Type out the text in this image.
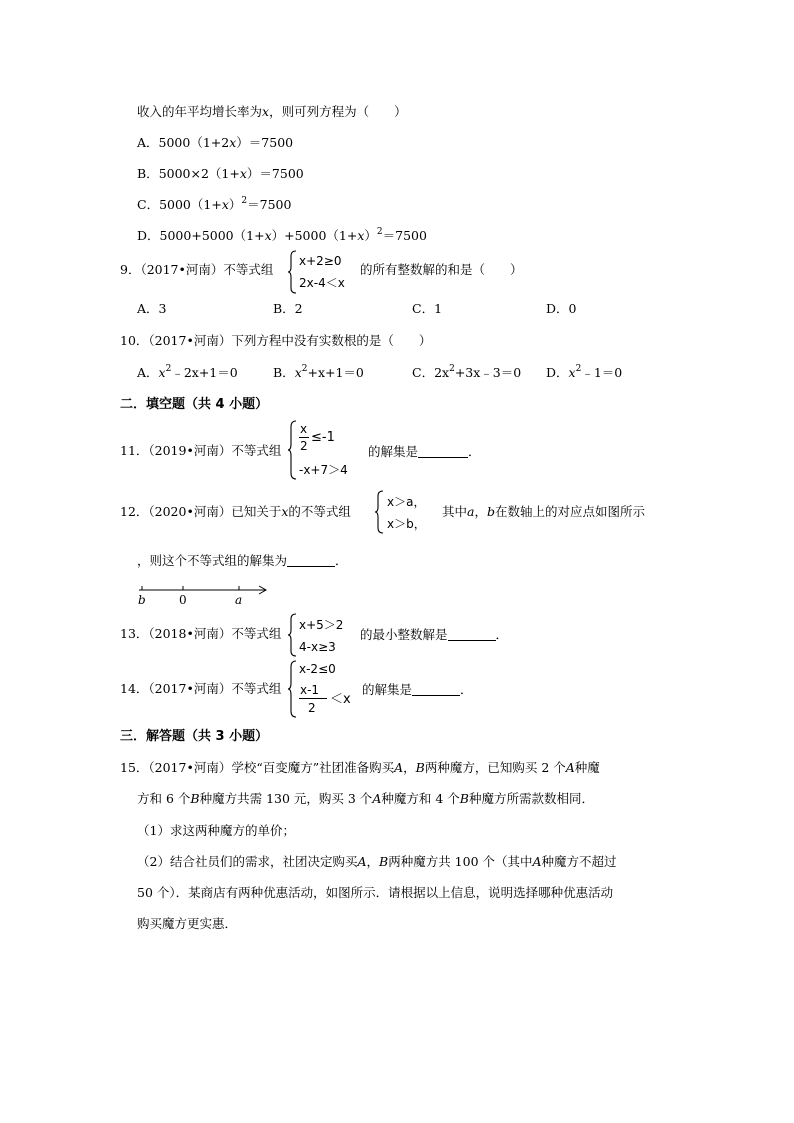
收入的年平均增长率为x，则可列方程为（　　）
A．5000（1+2x）＝7500
B．5000×2（1+x）＝7500
C．$5000(1+x)^2=7500$
D．$5000+5000(1+x)+5000(1+x)^2=7500$
9．（2017•河南）不等式组
x+2≥0
2x-4＜x
的所有整数解的和是（　　）
A．3	B．2	C．1	D．0
10．（2017•河南）下列方程中没有实数根的是（　　）
A．$x^2﹣2x+1=0$	B．$x^2+x+1=0$	C．$2x^2+3x﹣3=0$ D．$x^2﹣1=0$
二．填空题（共 4 小题）
11．（2019•河南）不等式组
x
2
≤-1
-x+7＞4
的解集是	．
12．（2020•河南）已知关于x的不等式组
x＞a，
x＞b，
其中a，b在数轴上的对应点如图所示
，则这个不等式组的解集为	．
b	0	a
13．（2018•河南）不等式组
x+5＞2
4-x≥3
的最小整数解是	．
14．（2017•河南）不等式组
x-2≤0
x-1
2
＜x
的解集是	．
三．解答题（共 3 小题）
15．（2017•河南）学校“百变魔方”社团准备购买A，B两种魔方，已知购买 2 个A种魔
方和 6 个B种魔方共需 130 元，购买 3 个A种魔方和 4 个B种魔方所需款数相同．
（1）求这两种魔方的单价；
（2）结合社员们的需求，社团决定购买A，B两种魔方共 100 个（其中A种魔方不超过
50 个）．某商店有两种优惠活动，如图所示．请根据以上信息，说明选择哪种优惠活动
购买魔方更实惠．
